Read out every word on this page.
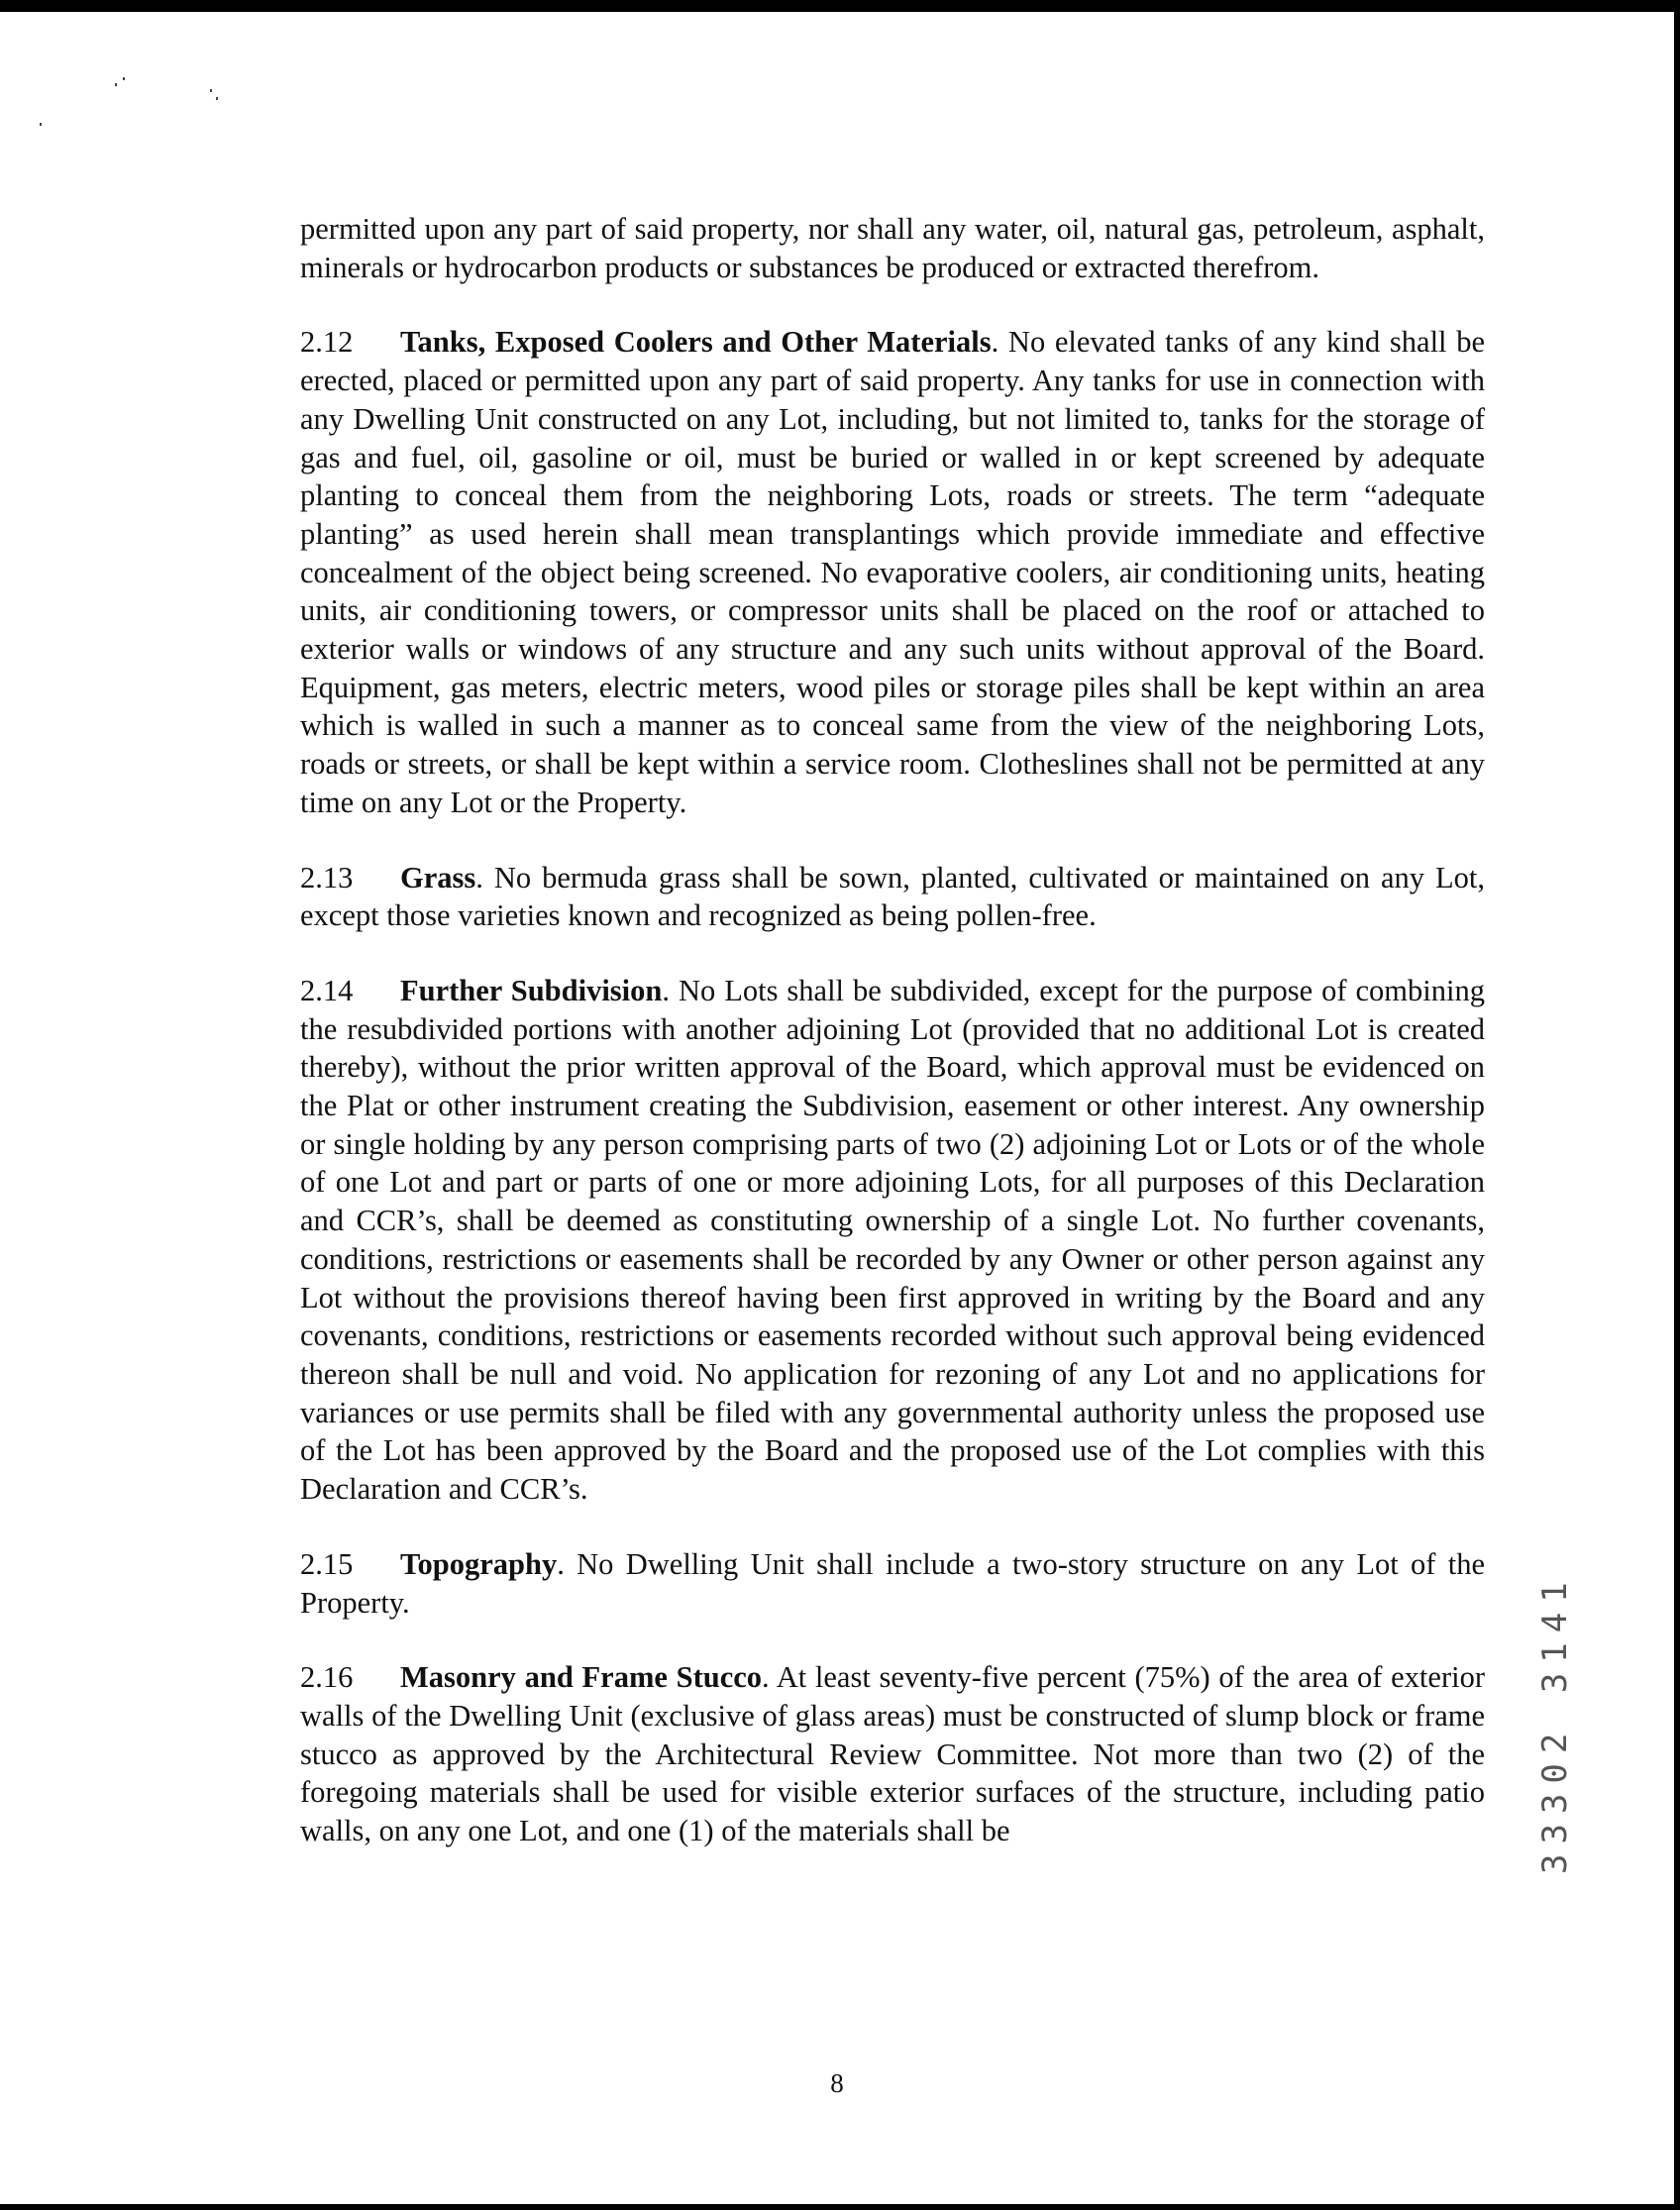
permitted upon any part of said property, nor shall any water, oil, natural gas, petroleum, asphalt, minerals or hydrocarbon products or substances be produced or extracted therefrom.

2.12 Tanks, Exposed Coolers and Other Materials. No elevated tanks of any kind shall be erected, placed or permitted upon any part of said property. Any tanks for use in connection with any Dwelling Unit constructed on any Lot, including, but not limited to, tanks for the storage of gas and fuel, oil, gasoline or oil, must be buried or walled in or kept screened by adequate planting to conceal them from the neighboring Lots, roads or streets. The term “adequate planting” as used herein shall mean transplantings which provide immediate and effective concealment of the object being screened. No evaporative coolers, air conditioning units, heating units, air conditioning towers, or compressor units shall be placed on the roof or attached to exterior walls or windows of any structure and any such units without approval of the Board. Equipment, gas meters, electric meters, wood piles or storage piles shall be kept within an area which is walled in such a manner as to conceal same from the view of the neighboring Lots, roads or streets, or shall be kept within a service room. Clotheslines shall not be permitted at any time on any Lot or the Property.

2.13 Grass. No bermuda grass shall be sown, planted, cultivated or maintained on any Lot, except those varieties known and recognized as being pollen-free.

2.14 Further Subdivision. No Lots shall be subdivided, except for the purpose of combining the resubdivided portions with another adjoining Lot (provided that no additional Lot is created thereby), without the prior written approval of the Board, which approval must be evidenced on the Plat or other instrument creating the Subdivision, easement or other interest. Any ownership or single holding by any person comprising parts of two (2) adjoining Lot or Lots or of the whole of one Lot and part or parts of one or more adjoining Lots, for all purposes of this Declaration and CCR’s, shall be deemed as constituting ownership of a single Lot. No further covenants, conditions, restrictions or easements shall be recorded by any Owner or other person against any Lot without the provisions thereof having been first approved in writing by the Board and any covenants, conditions, restrictions or easements recorded without such approval being evidenced thereon shall be null and void. No application for rezoning of any Lot and no applications for variances or use permits shall be filed with any governmental authority unless the proposed use of the Lot has been approved by the Board and the proposed use of the Lot complies with this Declaration and CCR’s.

2.15 Topography. No Dwelling Unit shall include a two-story structure on any Lot of the Property.

2.16 Masonry and Frame Stucco. At least seventy-five percent (75%) of the area of exterior walls of the Dwelling Unit (exclusive of glass areas) must be constructed of slump block or frame stucco as approved by the Architectural Review Committee. Not more than two (2) of the foregoing materials shall be used for visible exterior surfaces of the structure, including patio walls, on any one Lot, and one (1) of the materials shall be

8
33302 3141
